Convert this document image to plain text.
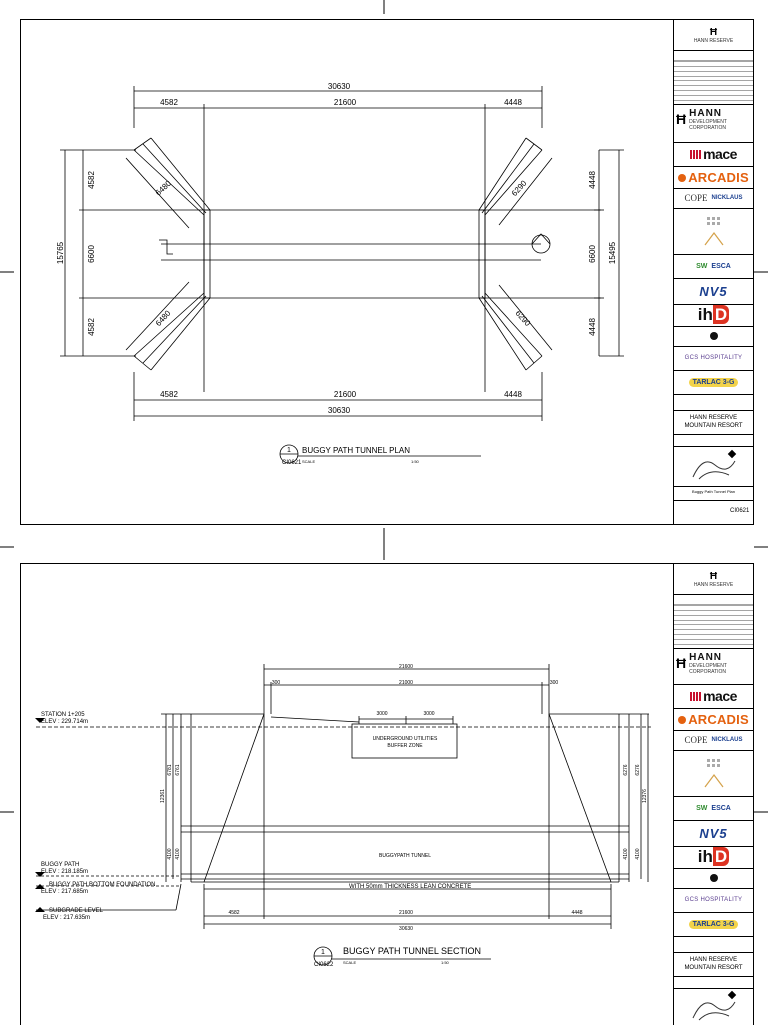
30630
4582	21600	4448
4582	21600	4448
30630
15765
4582
6600
4582
15495
4448
6600
4448
6480
6480
6290
6290
1
CI0621
BUGGY PATH TUNNEL PLAN
SCALE	1:50
Ħ
HANN RESERVE
Ħ HANN
DEVELOPMENT CORPORATION
mace
ARCADIS
COPE NICKLAUS
SW ESCA
NV5
ih D
GCS HOSPITALITY
TARLAC 3-G
HANN RESERVE
MOUNTAIN RESORT
Buggy Path Tunnel Plan
CI0621
21600
21000
300	300
3000	3000
4582	21600	4448
30630
12361
6781 6761
4100 4100
6276 6276
4100 4100
12376
UNDERGROUND UTILITIES
BUFFER ZONE
BUGGYPATH TUNNEL
WITH 50mm THICKNESS LEAN CONCRETE
STATION 1+205
ELEV : 229.714m
BUGGY PATH
ELEV : 218.185m
BUGGY PATH BOTTOM FOUNDATION
ELEV : 217.685m
SUBGRADE LEVEL
ELEV : 217.635m
1
CI0622
BUGGY PATH TUNNEL SECTION
SCALE	1:50
Ħ
HANN RESERVE
Ħ HANN
DEVELOPMENT CORPORATION
mace
ARCADIS
COPE NICKLAUS
SW ESCA
NV5
ih D
GCS HOSPITALITY
TARLAC 3-G
HANN RESERVE
MOUNTAIN RESORT
